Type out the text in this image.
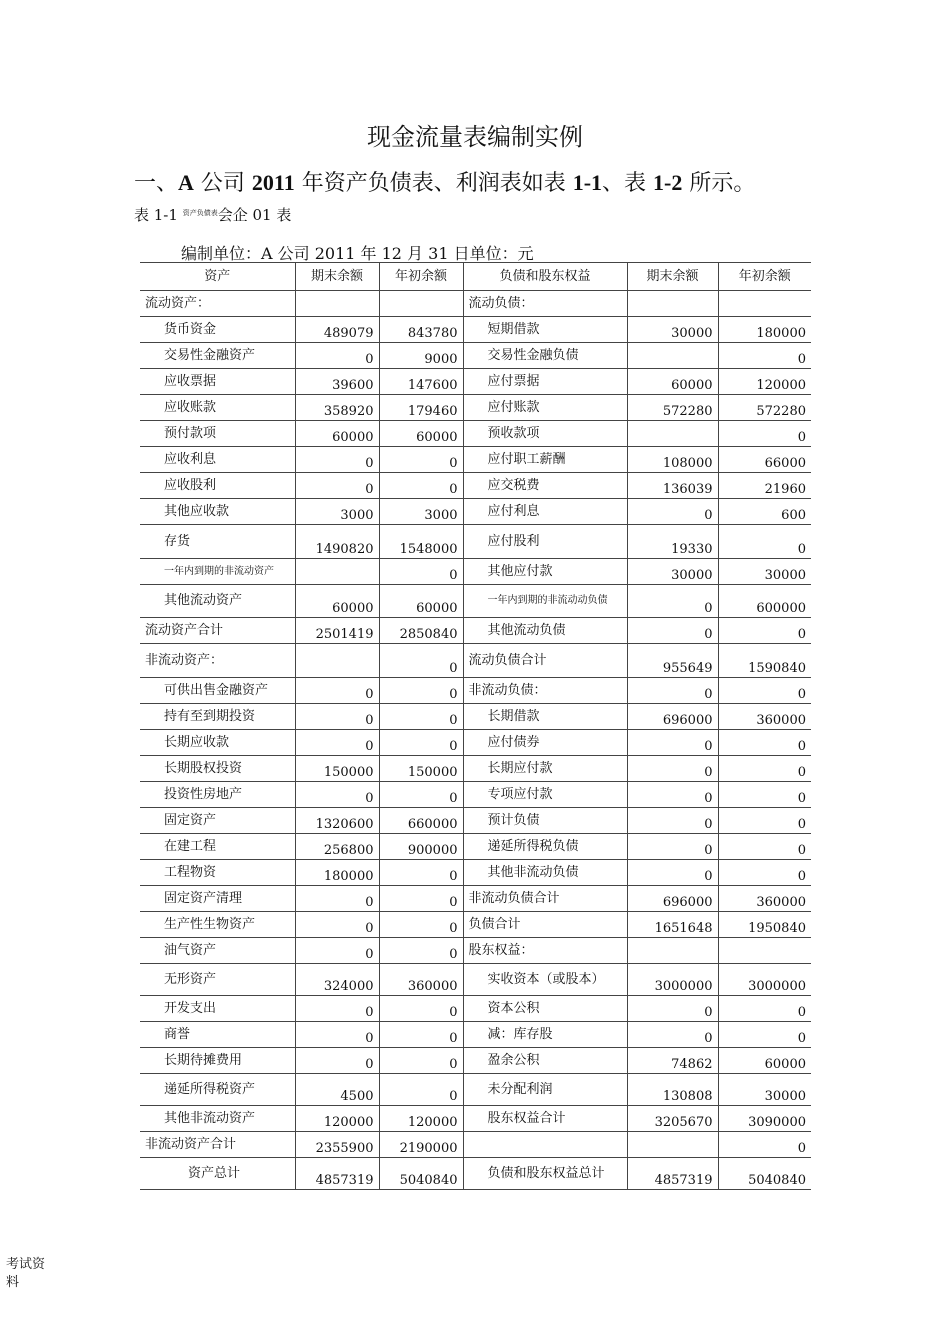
现金流量表编制实例
一、A 公司 2011 年资产负债表、利润表如表 1-1、表 1-2 所示。
表 1-1 $^{资产负债表}$会企 01 表
编制单位：A 公司 2011 年 12 月 31 日单位：元
资产	期末余额	年初余额	负债和股东权益	期末余额	年初余额
流动资产：			流动负债：		
货币资金	489079	843780	短期借款	30000	180000
交易性金融资产	0	9000	交易性金融负债		0
应收票据	39600	147600	应付票据	60000	120000
应收账款	358920	179460	应付账款	572280	572280
预付款项	60000	60000	预收款项		0
应收利息	0	0	应付职工薪酬	108000	66000
应收股利	0	0	应交税费	136039	21960
其他应收款	3000	3000	应付利息	0	600
存货	1490820	1548000	应付股利	19330	0
一年内到期的非流动资产		0	其他应付款	30000	30000
其他流动资产	60000	60000	一年内到期的非流动动负债	0	600000
流动资产合计	2501419	2850840	其他流动负债	0	0
非流动资产：		0	流动负债合计	955649	1590840
可供出售金融资产	0	0	非流动负债：	0	0
持有至到期投资	0	0	长期借款	696000	360000
长期应收款	0	0	应付债券	0	0
长期股权投资	150000	150000	长期应付款	0	0
投资性房地产	0	0	专项应付款	0	0
固定资产	1320600	660000	预计负债	0	0
在建工程	256800	900000	递延所得税负债	0	0
工程物资	180000	0	其他非流动负债	0	0
固定资产清理	0	0	非流动负债合计	696000	360000
生产性生物资产	0	0	负债合计	1651648	1950840
油气资产	0	0	股东权益：		
无形资产	324000	360000	实收资本（或股本）	3000000	3000000
开发支出	0	0	资本公积	0	0
商誉	0	0	减：库存股	0	0
长期待摊费用	0	0	盈余公积	74862	60000
递延所得税资产	4500	0	未分配利润	130808	30000
其他非流动资产	120000	120000	股东权益合计	3205670	3090000
非流动资产合计	2355900	2190000			0
资产总计	4857319	5040840	负债和股东权益总计	4857319	5040840
考试资
料
